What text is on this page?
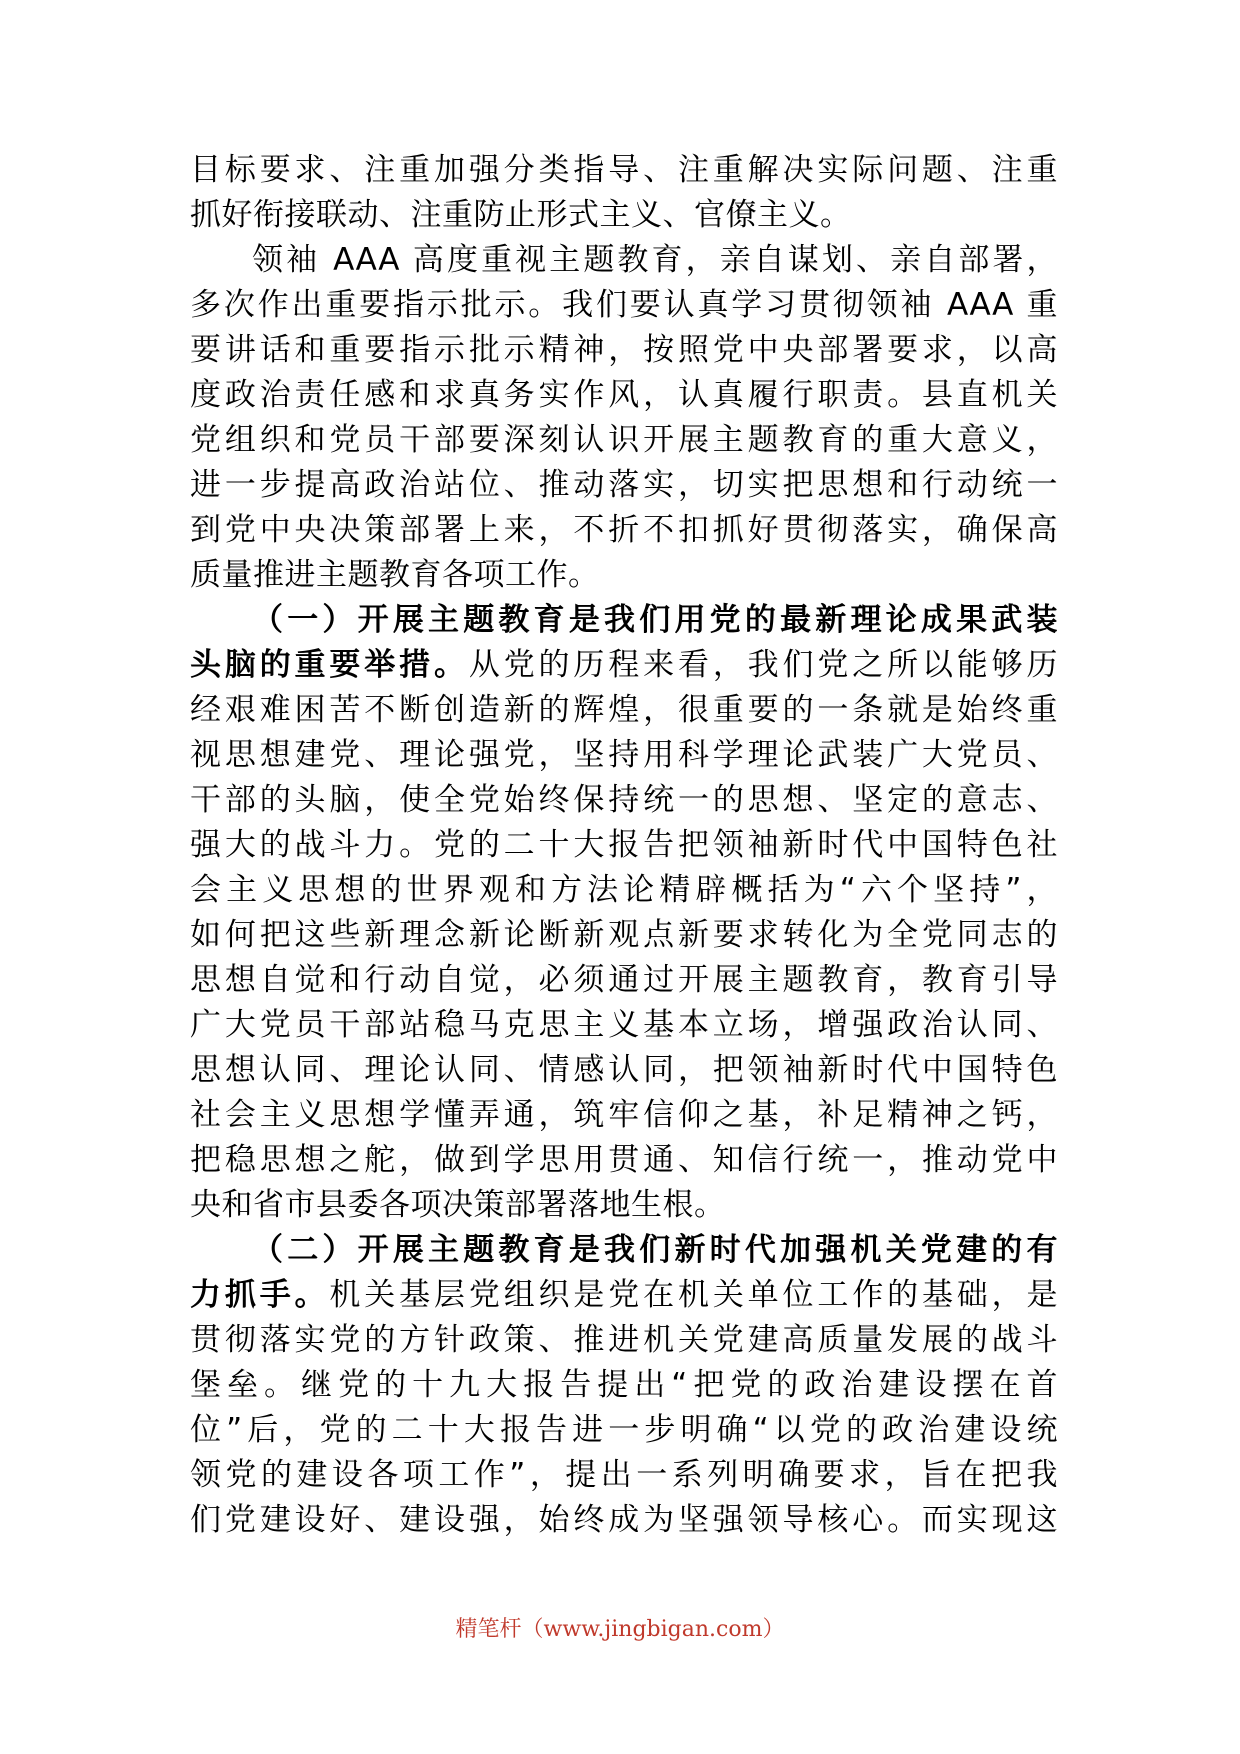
目标要求、注重加强分类指导、注重解决实际问题、注重
抓好衔接联动、注重防止形式主义、官僚主义。
领袖 AAA 高度重视主题教育，亲自谋划、亲自部署，
多次作出重要指示批示。我们要认真学习贯彻领袖 AAA 重
要讲话和重要指示批示精神，按照党中央部署要求，以高
度政治责任感和求真务实作风，认真履行职责。县直机关
党组织和党员干部要深刻认识开展主题教育的重大意义，
进一步提高政治站位、推动落实，切实把思想和行动统一
到党中央决策部署上来，不折不扣抓好贯彻落实，确保高
质量推进主题教育各项工作。
（一）开展主题教育是我们用党的最新理论成果武装
头脑的重要举措。从党的历程来看，我们党之所以能够历
经艰难困苦不断创造新的辉煌，很重要的一条就是始终重
视思想建党、理论强党，坚持用科学理论武装广大党员、
干部的头脑，使全党始终保持统一的思想、坚定的意志、
强大的战斗力。党的二十大报告把领袖新时代中国特色社
会主义思想的世界观和方法论精辟概括为“六个坚持”，
如何把这些新理念新论断新观点新要求转化为全党同志的
思想自觉和行动自觉，必须通过开展主题教育，教育引导
广大党员干部站稳马克思主义基本立场，增强政治认同、
思想认同、理论认同、情感认同，把领袖新时代中国特色
社会主义思想学懂弄通，筑牢信仰之基，补足精神之钙，
把稳思想之舵，做到学思用贯通、知信行统一，推动党中
央和省市县委各项决策部署落地生根。
（二）开展主题教育是我们新时代加强机关党建的有
力抓手。机关基层党组织是党在机关单位工作的基础，是
贯彻落实党的方针政策、推进机关党建高质量发展的战斗
堡垒。继党的十九大报告提出“把党的政治建设摆在首
位”后，党的二十大报告进一步明确“以党的政治建设统
领党的建设各项工作”，提出一系列明确要求，旨在把我
们党建设好、建设强，始终成为坚强领导核心。而实现这
精笔杆（www.jingbigan.com）
